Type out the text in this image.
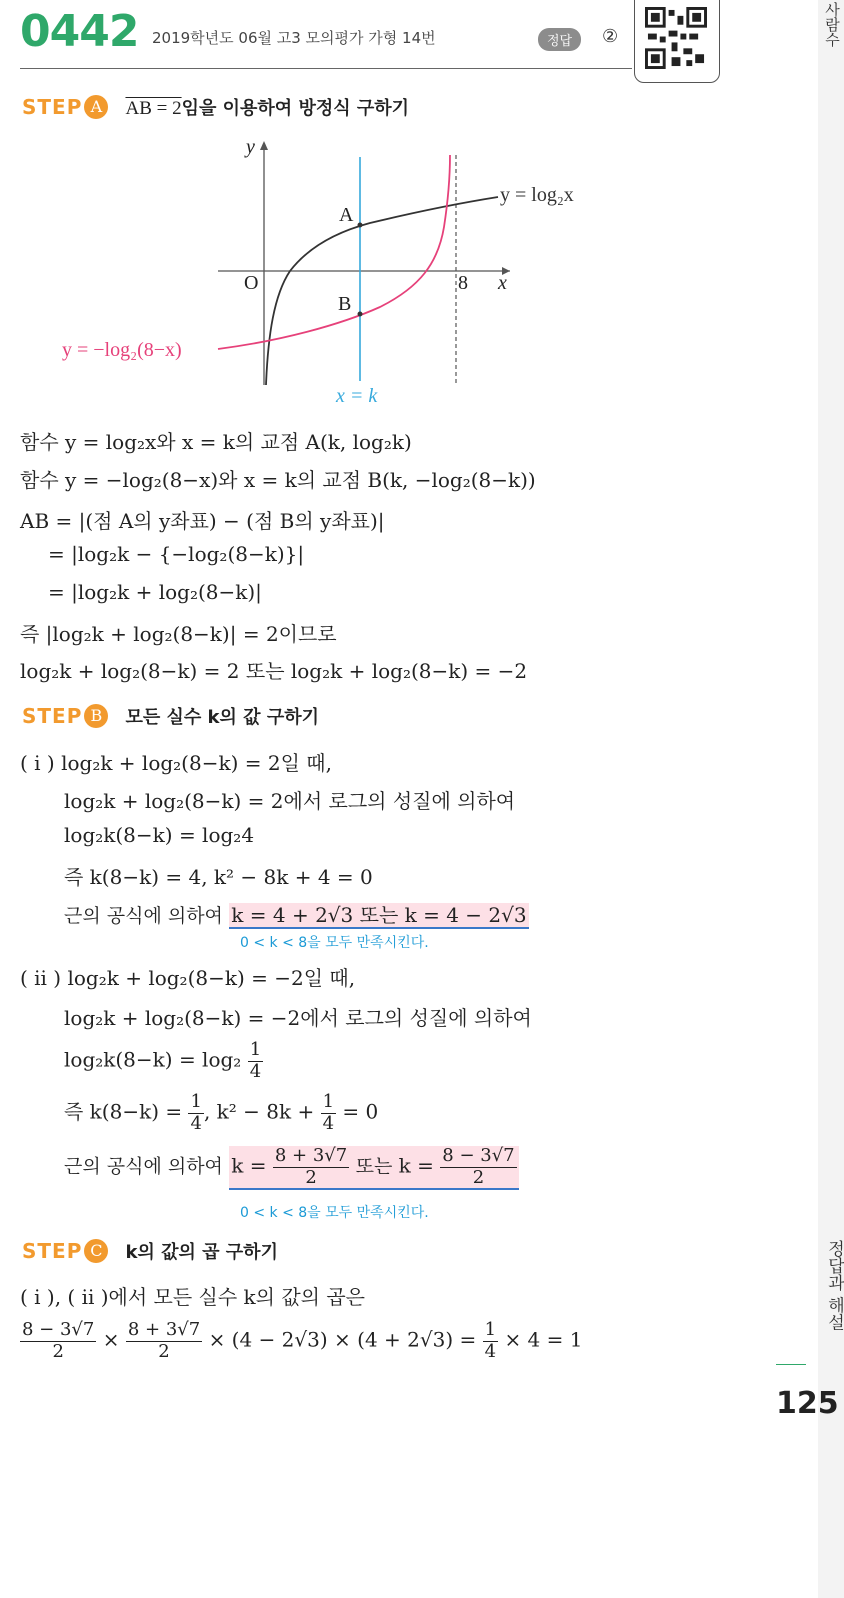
0442 2019학년도 06월 고3 모의평가 가형 14번	정답	②
STEP A AB = 2임을 이용하여 방정식 구하기
y
x
O	8
A
B
y = log₂x
y = −log₂(8−x)
x = k
함수 y = log₂x와 x = k의 교점 A(k, log₂k)
함수 y = −log₂(8−x)와 x = k의 교점 B(k, −log₂(8−k))
AB = |(점 A의 y좌표) − (점 B의 y좌표)|
= |log₂k − {−log₂(8−k)}|
= |log₂k + log₂(8−k)|
즉 |log₂k + log₂(8−k)| = 2이므로
log₂k + log₂(8−k) = 2 또는 log₂k + log₂(8−k) = −2
STEP B 모든 실수 k의 값 구하기
( i ) log₂k + log₂(8−k) = 2일 때,
log₂k + log₂(8−k) = 2에서 로그의 성질에 의하여
log₂k(8−k) = log₂4
즉 k(8−k) = 4, k² − 8k + 4 = 0
근의 공식에 의하여 k = 4 + 2√3 또는 k = 4 − 2√3
0 < k < 8을 모두 만족시킨다.
( ii ) log₂k + log₂(8−k) = −2일 때,
log₂k + log₂(8−k) = −2에서 로그의 성질에 의하여
$\log_2k(8-k) = \log_2 \frac{1}{4}$
즉 $k(8-k) = \frac{1}{4}$ , $k^2 - 8k + \frac{1}{4} = 0$
근의 공식에 의하여 $k = \frac{8 + 3√7}{2}$ 또는 $k = \frac{8 - 3√7}{2}$
0 < k < 8을 모두 만족시킨다.
STEP C k의 값의 곱 구하기
( i ), ( ii )에서 모든 실수 k의 값의 곱은
$\frac{8 - 3√7}{2} \times \frac{8 + 3√7}{2} \times (4 - 2√3) \times (4 + 2√3) = \frac{1}{4} \times 4 = 1$
사람수
정답과 해설
125
